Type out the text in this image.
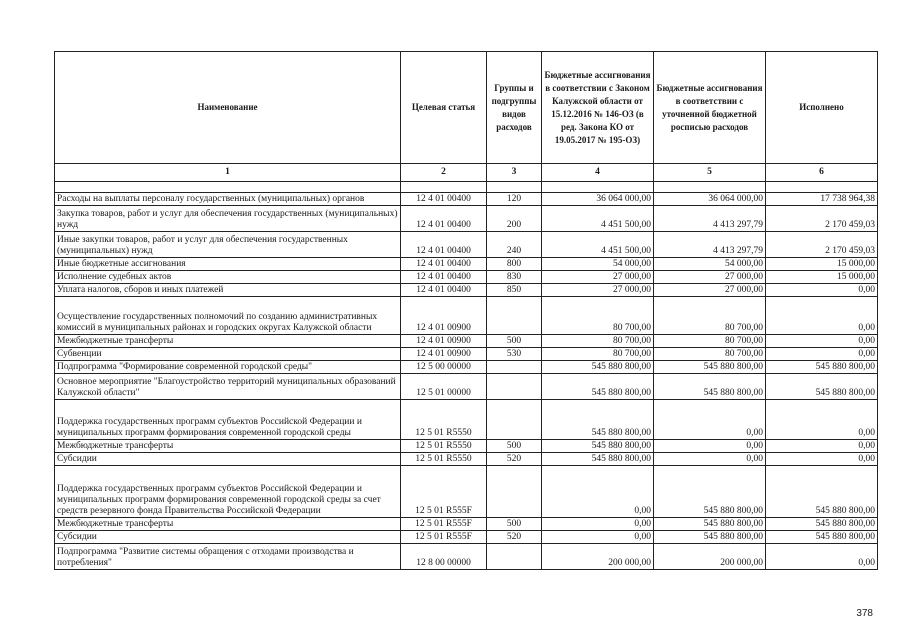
Наименование	Целевая статья	Группы и подгруппы видов расходов	Бюджетные ассигнования в соответствии с Законом Калужской области от 15.12.2016 № 146-ОЗ (в ред. Закона КО от 19.05.2017 № 195-ОЗ)	Бюджетные ассигнования в соответствии с уточненной бюджетной росписью расходов	Исполнено
1	2	3	4	5	6

Расходы на выплаты персоналу государственных (муниципальных) органов	12 4 01 00400	120	36 064 000,00	36 064 000,00	17 738 964,38
Закупка товаров, работ и услуг для обеспечения государственных (муниципальных) нужд	12 4 01 00400	200	4 451 500,00	4 413 297,79	2 170 459,03
Иные закупки товаров, работ и услуг для обеспечения государственных (муниципальных) нужд	12 4 01 00400	240	4 451 500,00	4 413 297,79	2 170 459,03
Иные бюджетные ассигнования	12 4 01 00400	800	54 000,00	54 000,00	15 000,00
Исполнение судебных актов	12 4 01 00400	830	27 000,00	27 000,00	15 000,00
Уплата налогов, сборов и иных платежей	12 4 01 00400	850	27 000,00	27 000,00	0,00
Осуществление государственных полномочий по созданию административных комиссий в муниципальных районах и городских округах Калужской области	12 4 01 00900		80 700,00	80 700,00	0,00
Межбюджетные трансферты	12 4 01 00900	500	80 700,00	80 700,00	0,00
Субвенции	12 4 01 00900	530	80 700,00	80 700,00	0,00
Подпрограмма "Формирование современной городской среды"	12 5 00 00000		545 880 800,00	545 880 800,00	545 880 800,00
Основное мероприятие "Благоустройство территорий муниципальных образований Калужской области"	12 5 01 00000		545 880 800,00	545 880 800,00	545 880 800,00
Поддержка государственных программ субъектов Российской Федерации и муниципальных программ формирования современной городской среды	12 5 01 R5550		545 880 800,00	0,00	0,00
Межбюджетные трансферты	12 5 01 R5550	500	545 880 800,00	0,00	0,00
Субсидии	12 5 01 R5550	520	545 880 800,00	0,00	0,00
Поддержка государственных программ субъектов Российской Федерации и муниципальных программ формирования современной городской среды за счет средств резервного фонда Правительства Российской Федерации	12 5 01 R555F		0,00	545 880 800,00	545 880 800,00
Межбюджетные трансферты	12 5 01 R555F	500	0,00	545 880 800,00	545 880 800,00
Субсидии	12 5 01 R555F	520	0,00	545 880 800,00	545 880 800,00
Подпрограмма "Развитие системы обращения с отходами производства и потребления"	12 8 00 00000		200 000,00	200 000,00	0,00
378
